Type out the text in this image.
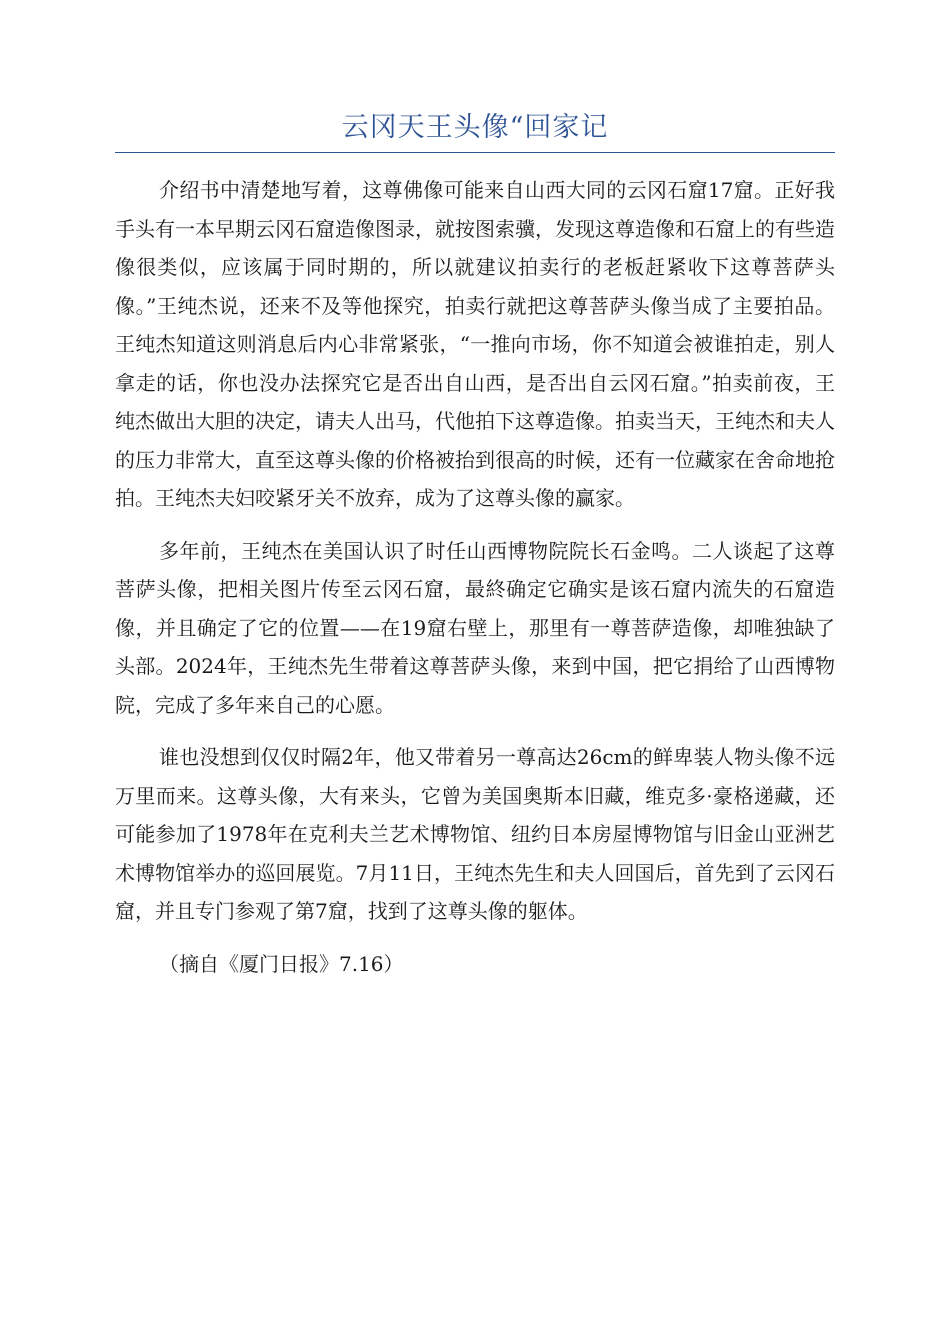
云冈天王头像“回家记

介绍书中清楚地写着，这尊佛像可能来自山西大同的云冈石窟17窟。正好我手头有一本早期云冈石窟造像图录，就按图索骥，发现这尊造像和石窟上的有些造像很类似，应该属于同时期的，所以就建议拍卖行的老板赶紧收下这尊菩萨头像。”王纯杰说，还来不及等他探究，拍卖行就把这尊菩萨头像当成了主要拍品。王纯杰知道这则消息后内心非常紧张，“一推向市场，你不知道会被谁拍走，别人拿走的话，你也没办法探究它是否出自山西，是否出自云冈石窟。”拍卖前夜，王纯杰做出大胆的决定，请夫人出马，代他拍下这尊造像。拍卖当天，王纯杰和夫人的压力非常大，直至这尊头像的价格被抬到很高的时候，还有一位藏家在舍命地抢拍。王纯杰夫妇咬紧牙关不放弃，成为了这尊头像的赢家。

多年前，王纯杰在美国认识了时任山西博物院院长石金鸣。二人谈起了这尊菩萨头像，把相关图片传至云冈石窟，最終确定它确实是该石窟内流失的石窟造像，并且确定了它的位置——在19窟右壁上，那里有一尊菩萨造像，却唯独缺了头部。2024年，王纯杰先生带着这尊菩萨头像，来到中国，把它捐给了山西博物院，完成了多年来自己的心愿。

谁也没想到仅仅时隔2年，他又带着另一尊高达26cm的鲜卑装人物头像不远万里而来。这尊头像，大有来头，它曾为美国奥斯本旧藏，维克多·豪格递藏，还可能参加了1978年在克利夫兰艺术博物馆、纽约日本房屋博物馆与旧金山亚洲艺术博物馆举办的巡回展览。7月11日，王纯杰先生和夫人回国后，首先到了云冈石窟，并且专门参观了第7窟，找到了这尊头像的躯体。

（摘自《厦门日报》7.16）
